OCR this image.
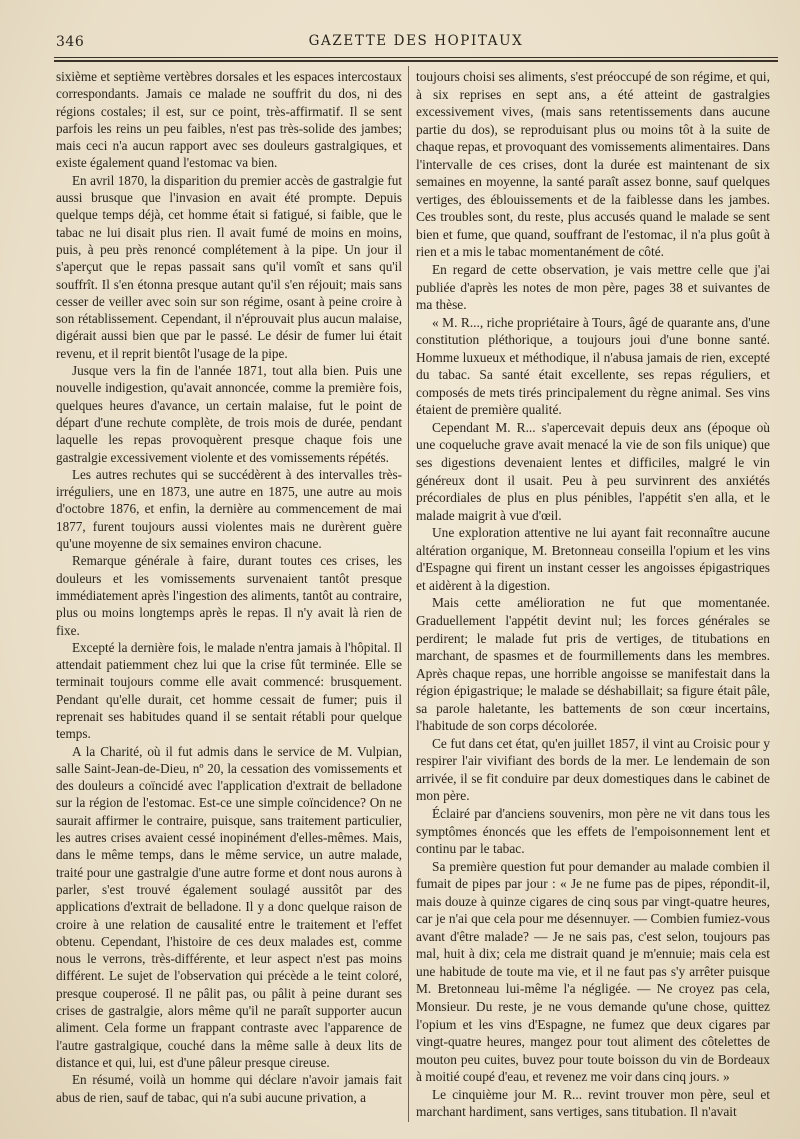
346	GAZETTE DES HOPITAUX

sixième et septième vertèbres dorsales et les espaces intercostaux correspondants. Jamais ce malade ne souffrit du dos, ni des régions costales; il est, sur ce point, très-affirmatif. Il se sent parfois les reins un peu faibles, n'est pas très-solide des jambes; mais ceci n'a aucun rapport avec ses douleurs gastralgiques, et existe également quand l'estomac va bien.

En avril 1870, la disparition du premier accès de gastralgie fut aussi brusque que l'invasion en avait été prompte. Depuis quelque temps déjà, cet homme était si fatigué, si faible, que le tabac ne lui disait plus rien. Il avait fumé de moins en moins, puis, à peu près renoncé complétement à la pipe. Un jour il s'aperçut que le repas passait sans qu'il vomît et sans qu'il souffrît. Il s'en étonna presque autant qu'il s'en réjouit; mais sans cesser de veiller avec soin sur son régime, osant à peine croire à son rétablissement. Cependant, il n'éprouvait plus aucun malaise, digérait aussi bien que par le passé. Le désir de fumer lui était revenu, et il reprit bientôt l'usage de la pipe.

Jusque vers la fin de l'année 1871, tout alla bien. Puis une nouvelle indigestion, qu'avait annoncée, comme la première fois, quelques heures d'avance, un certain malaise, fut le point de départ d'une rechute complète, de trois mois de durée, pendant laquelle les repas provoquèrent presque chaque fois une gastralgie excessivement violente et des vomissements répétés.

Les autres rechutes qui se succédèrent à des intervalles très-irréguliers, une en 1873, une autre en 1875, une autre au mois d'octobre 1876, et enfin, la dernière au commencement de mai 1877, furent toujours aussi violentes mais ne durèrent guère qu'une moyenne de six semaines environ chacune.

Remarque générale à faire, durant toutes ces crises, les douleurs et les vomissements survenaient tantôt presque immédiatement après l'ingestion des aliments, tantôt au contraire, plus ou moins longtemps après le repas. Il n'y avait là rien de fixe.

Excepté la dernière fois, le malade n'entra jamais à l'hôpital. Il attendait patiemment chez lui que la crise fût terminée. Elle se terminait toujours comme elle avait commencé: brusquement. Pendant qu'elle durait, cet homme cessait de fumer; puis il reprenait ses habitudes quand il se sentait rétabli pour quelque temps.

A la Charité, où il fut admis dans le service de M. Vulpian, salle Saint-Jean-de-Dieu, nº 20, la cessation des vomissements et des douleurs a coïncidé avec l'application d'extrait de belladone sur la région de l'estomac. Est-ce une simple coïncidence? On ne saurait affirmer le contraire, puisque, sans traitement particulier, les autres crises avaient cessé inopinément d'elles-mêmes. Mais, dans le même temps, dans le même service, un autre malade, traité pour une gastralgie d'une autre forme et dont nous aurons à parler, s'est trouvé également soulagé aussitôt par des applications d'extrait de belladone. Il y a donc quelque raison de croire à une relation de causalité entre le traitement et l'effet obtenu. Cependant, l'histoire de ces deux malades est, comme nous le verrons, très-différente, et leur aspect n'est pas moins différent. Le sujet de l'observation qui précède a le teint coloré, presque couperosé. Il ne pâlit pas, ou pâlit à peine durant ses crises de gastralgie, alors même qu'il ne paraît supporter aucun aliment. Cela forme un frappant contraste avec l'apparence de l'autre gastralgique, couché dans la même salle à deux lits de distance et qui, lui, est d'une pâleur presque cireuse.

En résumé, voilà un homme qui déclare n'avoir jamais fait abus de rien, sauf de tabac, qui n'a subi aucune privation, a

toujours choisi ses aliments, s'est préoccupé de son régime, et qui, à six reprises en sept ans, a été atteint de gastralgies excessivement vives, (mais sans retentissements dans aucune partie du dos), se reproduisant plus ou moins tôt à la suite de chaque repas, et provoquant des vomissements alimentaires. Dans l'intervalle de ces crises, dont la durée est maintenant de six semaines en moyenne, la santé paraît assez bonne, sauf quelques vertiges, des éblouissements et de la faiblesse dans les jambes. Ces troubles sont, du reste, plus accusés quand le malade se sent bien et fume, que quand, souffrant de l'estomac, il n'a plus goût à rien et a mis le tabac momentanément de côté.

En regard de cette observation, je vais mettre celle que j'ai publiée d'après les notes de mon père, pages 38 et suivantes de ma thèse.

« M. R..., riche propriétaire à Tours, âgé de quarante ans, d'une constitution pléthorique, a toujours joui d'une bonne santé. Homme luxueux et méthodique, il n'abusa jamais de rien, excepté du tabac. Sa santé était excellente, ses repas réguliers, et composés de mets tirés principalement du règne animal. Ses vins étaient de première qualité.

Cependant M. R... s'apercevait depuis deux ans (époque où une coqueluche grave avait menacé la vie de son fils unique) que ses digestions devenaient lentes et difficiles, malgré le vin généreux dont il usait. Peu à peu survinrent des anxiétés précordiales de plus en plus pénibles, l'appétit s'en alla, et le malade maigrit à vue d'œil.

Une exploration attentive ne lui ayant fait reconnaître aucune altération organique, M. Bretonneau conseilla l'opium et les vins d'Espagne qui firent un instant cesser les angoisses épigastriques et aidèrent à la digestion.

Mais cette amélioration ne fut que momentanée. Graduellement l'appétit devint nul; les forces générales se perdirent; le malade fut pris de vertiges, de titubations en marchant, de spasmes et de fourmillements dans les membres. Après chaque repas, une horrible angoisse se manifestait dans la région épigastrique; le malade se déshabillait; sa figure était pâle, sa parole haletante, les battements de son cœur incertains, l'habitude de son corps décolorée.

Ce fut dans cet état, qu'en juillet 1857, il vint au Croisic pour y respirer l'air vivifiant des bords de la mer. Le lendemain de son arrivée, il se fit conduire par deux domestiques dans le cabinet de mon père.

Éclairé par d'anciens souvenirs, mon père ne vit dans tous les symptômes énoncés que les effets de l'empoisonnement lent et continu par le tabac.

Sa première question fut pour demander au malade combien il fumait de pipes par jour : « Je ne fume pas de pipes, répondit-il, mais douze à quinze cigares de cinq sous par vingt-quatre heures, car je n'ai que cela pour me désennuyer. — Combien fumiez-vous avant d'être malade? — Je ne sais pas, c'est selon, toujours pas mal, huit à dix; cela me distrait quand je m'ennuie; mais cela est une habitude de toute ma vie, et il ne faut pas s'y arrêter puisque M. Bretonneau lui-même l'a négligée. — Ne croyez pas cela, Monsieur. Du reste, je ne vous demande qu'une chose, quittez l'opium et les vins d'Espagne, ne fumez que deux cigares par vingt-quatre heures, mangez pour tout aliment des côtelettes de mouton peu cuites, buvez pour toute boisson du vin de Bordeaux à moitié coupé d'eau, et revenez me voir dans cinq jours. »

Le cinquième jour M. R... revint trouver mon père, seul et marchant hardiment, sans vertiges, sans titubation. Il n'avait
